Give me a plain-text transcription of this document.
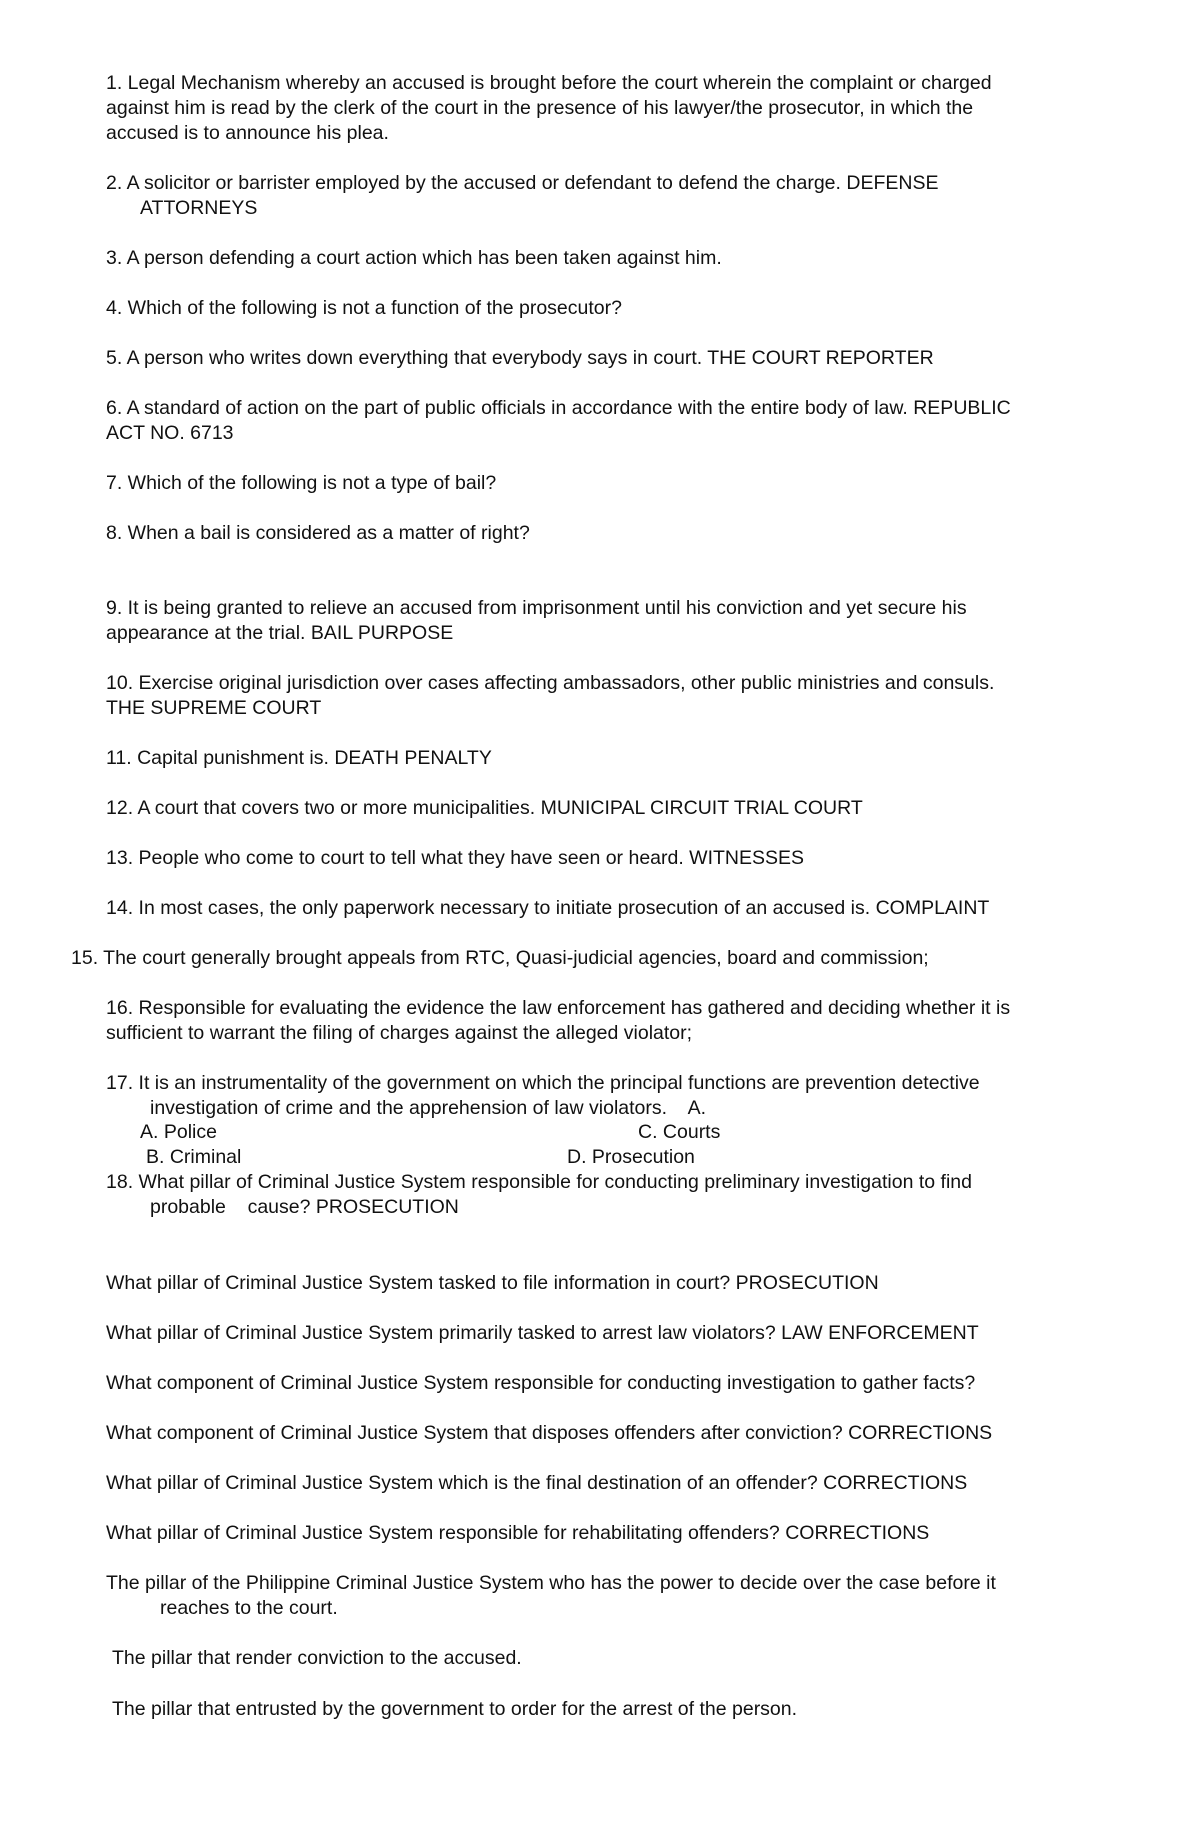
1. Legal Mechanism whereby an accused is brought before the court wherein the complaint or charged
against him is read by the clerk of the court in the presence of his lawyer/the prosecutor, in which the
accused is to announce his plea.
2. A solicitor or barrister employed by the accused or defendant to defend the charge. DEFENSE
ATTORNEYS
3. A person defending a court action which has been taken against him.
4. Which of the following is not a function of the prosecutor?
5. A person who writes down everything that everybody says in court. THE COURT REPORTER
6. A standard of action on the part of public officials in accordance with the entire body of law. REPUBLIC
ACT NO. 6713
7. Which of the following is not a type of bail?
8. When a bail is considered as a matter of right?
9. It is being granted to relieve an accused from imprisonment until his conviction and yet secure his
appearance at the trial. BAIL PURPOSE
10. Exercise original jurisdiction over cases affecting ambassadors, other public ministries and consuls.
THE SUPREME COURT
11. Capital punishment is. DEATH PENALTY
12. A court that covers two or more municipalities. MUNICIPAL CIRCUIT TRIAL COURT
13. People who come to court to tell what they have seen or heard. WITNESSES
14. In most cases, the only paperwork necessary to initiate prosecution of an accused is. COMPLAINT
15. The court generally brought appeals from RTC, Quasi-judicial agencies, board and commission;
16. Responsible for evaluating the evidence the law enforcement has gathered and deciding whether it is
sufficient to warrant the filing of charges against the alleged violator;
17. It is an instrumentality of the government on which the principal functions are prevention detective
investigation of crime and the apprehension of law violators.    A.
A. Police	C. Courts
B. Criminal	D. Prosecution
18. What pillar of Criminal Justice System responsible for conducting preliminary investigation to find
probable    cause? PROSECUTION
What pillar of Criminal Justice System tasked to file information in court? PROSECUTION
What pillar of Criminal Justice System primarily tasked to arrest law violators? LAW ENFORCEMENT
What component of Criminal Justice System responsible for conducting investigation to gather facts?
What component of Criminal Justice System that disposes offenders after conviction? CORRECTIONS
What pillar of Criminal Justice System which is the final destination of an offender? CORRECTIONS
What pillar of Criminal Justice System responsible for rehabilitating offenders? CORRECTIONS
The pillar of the Philippine Criminal Justice System who has the power to decide over the case before it
reaches to the court.
The pillar that render conviction to the accused.
The pillar that entrusted by the government to order for the arrest of the person.
